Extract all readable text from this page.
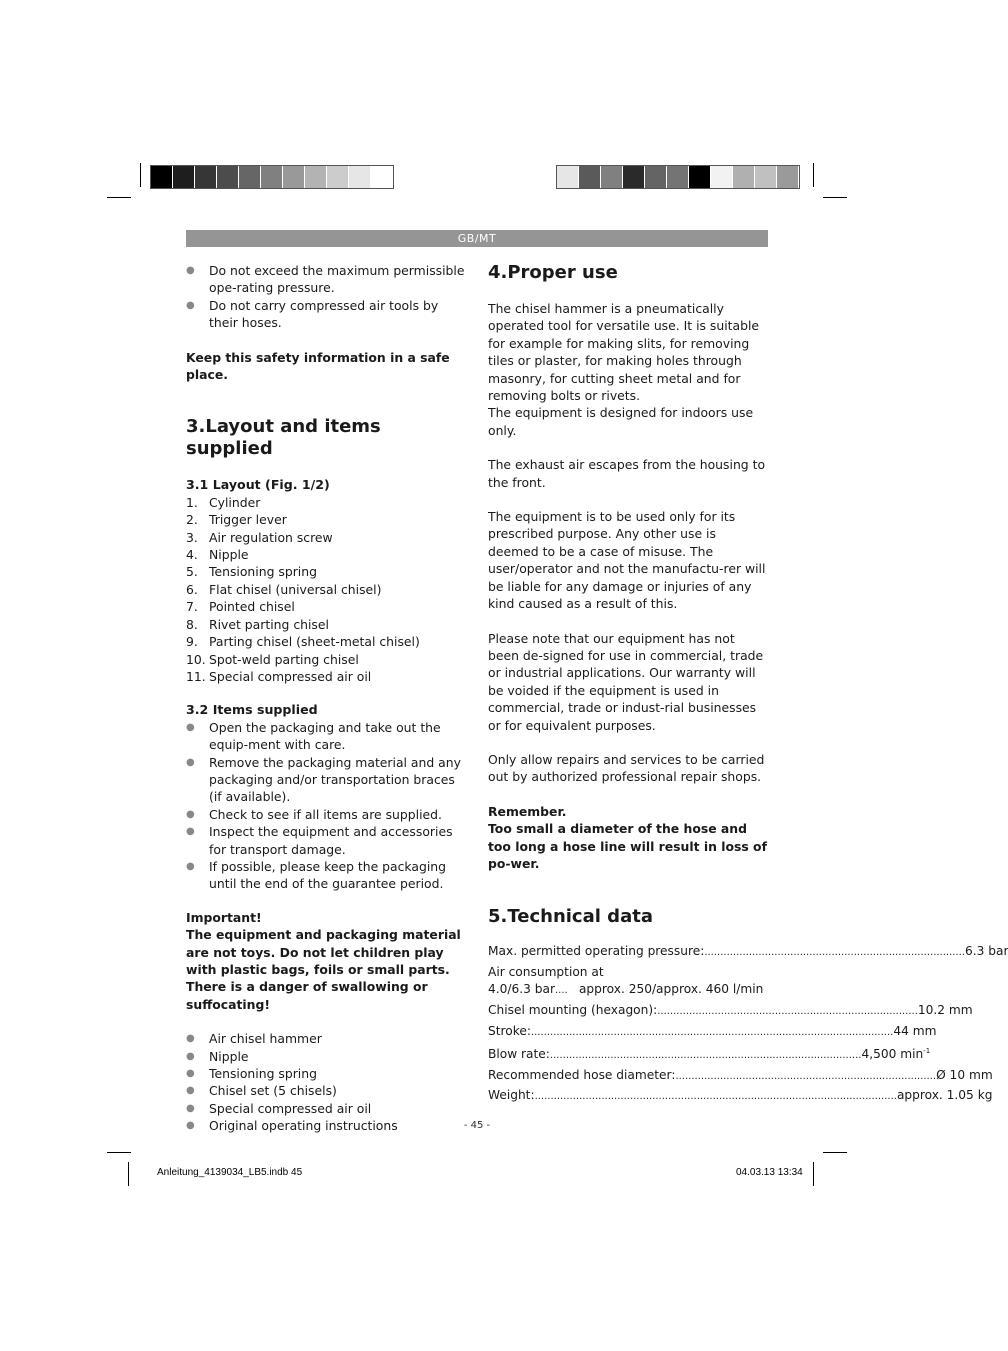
GB/MT
●	Do not exceed the maximum permissible ope-rating pressure.
●	Do not carry compressed air tools by their hoses.

Keep this safety information in a safe place.

3.Layout and items supplied

3.1 Layout (Fig. 1/2)

1. Cylinder
2. Trigger lever
3. Air regulation screw
4. Nipple
5. Tensioning spring
6. Flat chisel (universal chisel)
7. Pointed chisel
8. Rivet parting chisel
9. Parting chisel (sheet-metal chisel)
10. Spot-weld parting chisel
11. Special compressed air oil

3.2 Items supplied

●	Open the packaging and take out the equip-ment with care.
●	Remove the packaging material and any packaging and/or transportation braces (if available).
●	Check to see if all items are supplied.
●	Inspect the equipment and accessories for transport damage.
●	If possible, please keep the packaging until the end of the guarantee period.

Important!

The equipment and packaging material are not toys. Do not let children play with plastic bags, foils or small parts. There is a danger of swallowing or suffocating!

●	Air chisel hammer
●	Nipple
●	Tensioning spring
●	Chisel set (5 chisels)
●	Special compressed air oil
●	Original operating instructions

4.Proper use

The chisel hammer is a pneumatically operated tool for versatile use. It is suitable for example for making slits, for removing tiles or plaster, for making holes through masonry, for cutting sheet metal and for removing bolts or rivets.

The equipment is designed for indoors use only.

The exhaust air escapes from the housing to the front.

The equipment is to be used only for its prescribed purpose. Any other use is deemed to be a case of misuse. The user/operator and not the manufactu-rer will be liable for any damage or injuries of any kind caused as a result of this.

Please note that our equipment has not been de-signed for use in commercial, trade or industrial applications. Our warranty will be voided if the equipment is used in commercial, trade or indust-rial businesses or for equivalent purposes.

Only allow repairs and services to be carried out by authorized professional repair shops.

Remember.

Too small a diameter of the hose and too long a hose line will result in loss of po-wer.

5.Technical data

Max. permitted operating pressure: .................................................................................. 6.3 bar
Air consumption at
4.0/6.3 bar .... approx. 250/approx. 460 l/min
Chisel mounting (hexagon): .................................................................................. 10.2 mm
Stroke: .................................................................................................................. 44 mm
Blow rate: .................................................................................................. 4,500 $\min^{-1}$
Recommended hose diameter: .................................................................................. Ø 10 mm
Weight: .................................................................................................................. approx. 1.05 kg
- 45 -
Anleitung_4139034_LB5.indb 45	04.03.13 13:34
